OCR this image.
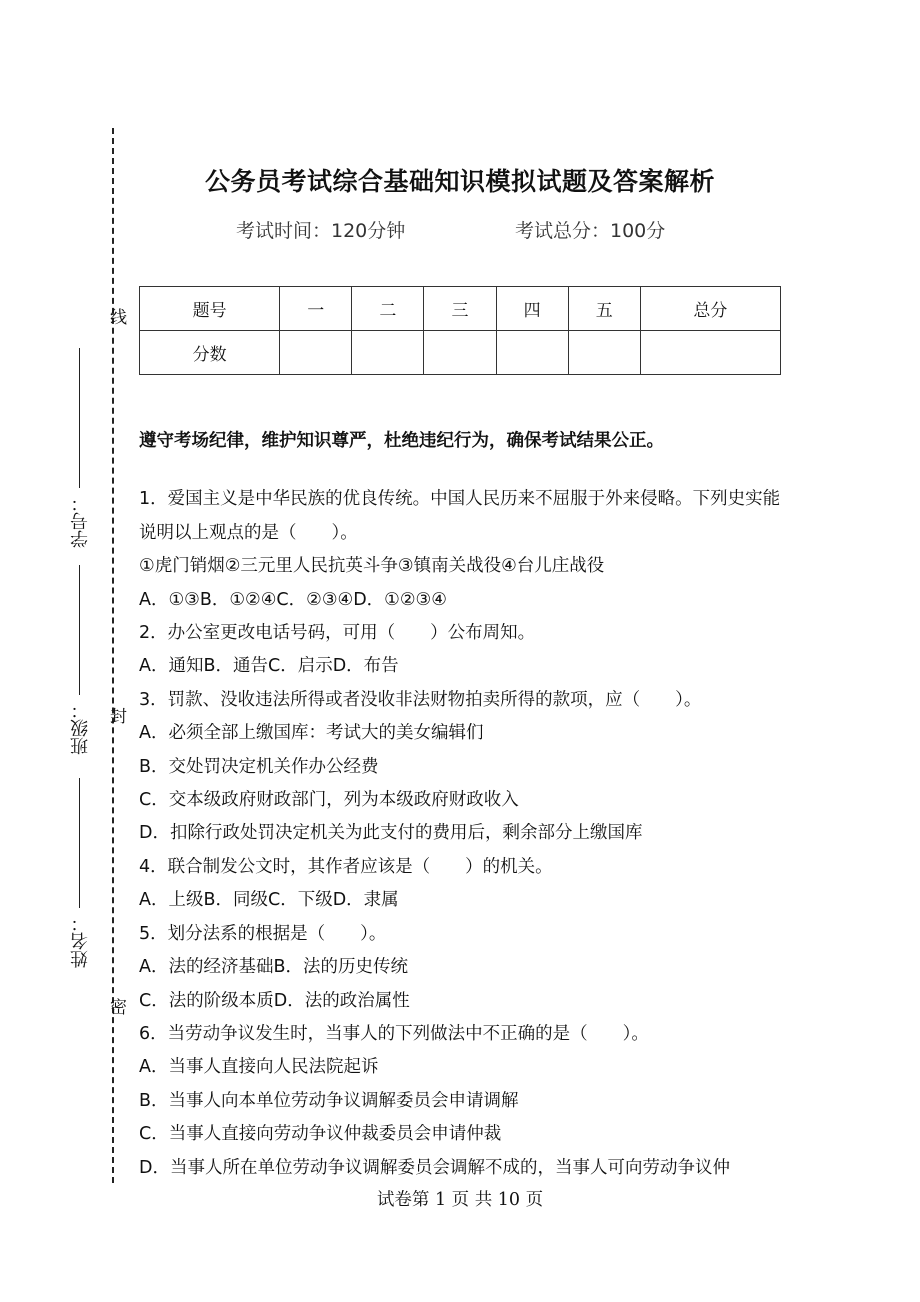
线
封
密
学号：
班级：
姓名：
公务员考试综合基础知识模拟试题及答案解析
考试时间：120分钟	考试总分：100分
题号	一	二	三	四	五	总分
分数						
遵守考场纪律，维护知识尊严，杜绝违纪行为，确保考试结果公正。
1．爱国主义是中华民族的优良传统。中国人民历来不屈服于外来侵略。下列史实能说明以上观点的是（　　）。
①虎门销烟②三元里人民抗英斗争③镇南关战役④台儿庄战役
A．①③B．①②④C．②③④D．①②③④
2．办公室更改电话号码，可用（　　）公布周知。
A．通知B．通告C．启示D．布告
3．罚款、没收违法所得或者没收非法财物拍卖所得的款项，应（　　）。
A．必须全部上缴国库：考试大的美女编辑们
B．交处罚决定机关作办公经费
C．交本级政府财政部门，列为本级政府财政收入
D．扣除行政处罚决定机关为此支付的费用后，剩余部分上缴国库
4．联合制发公文时，其作者应该是（　　）的机关。
A．上级B．同级C．下级D．隶属
5．划分法系的根据是（　　）。
A．法的经济基础B．法的历史传统
C．法的阶级本质D．法的政治属性
6．当劳动争议发生时，当事人的下列做法中不正确的是（　　）。
A．当事人直接向人民法院起诉
B．当事人向本单位劳动争议调解委员会申请调解
C．当事人直接向劳动争议仲裁委员会申请仲裁
D．当事人所在单位劳动争议调解委员会调解不成的，当事人可向劳动争议仲
试卷第 1 页 共 10 页
